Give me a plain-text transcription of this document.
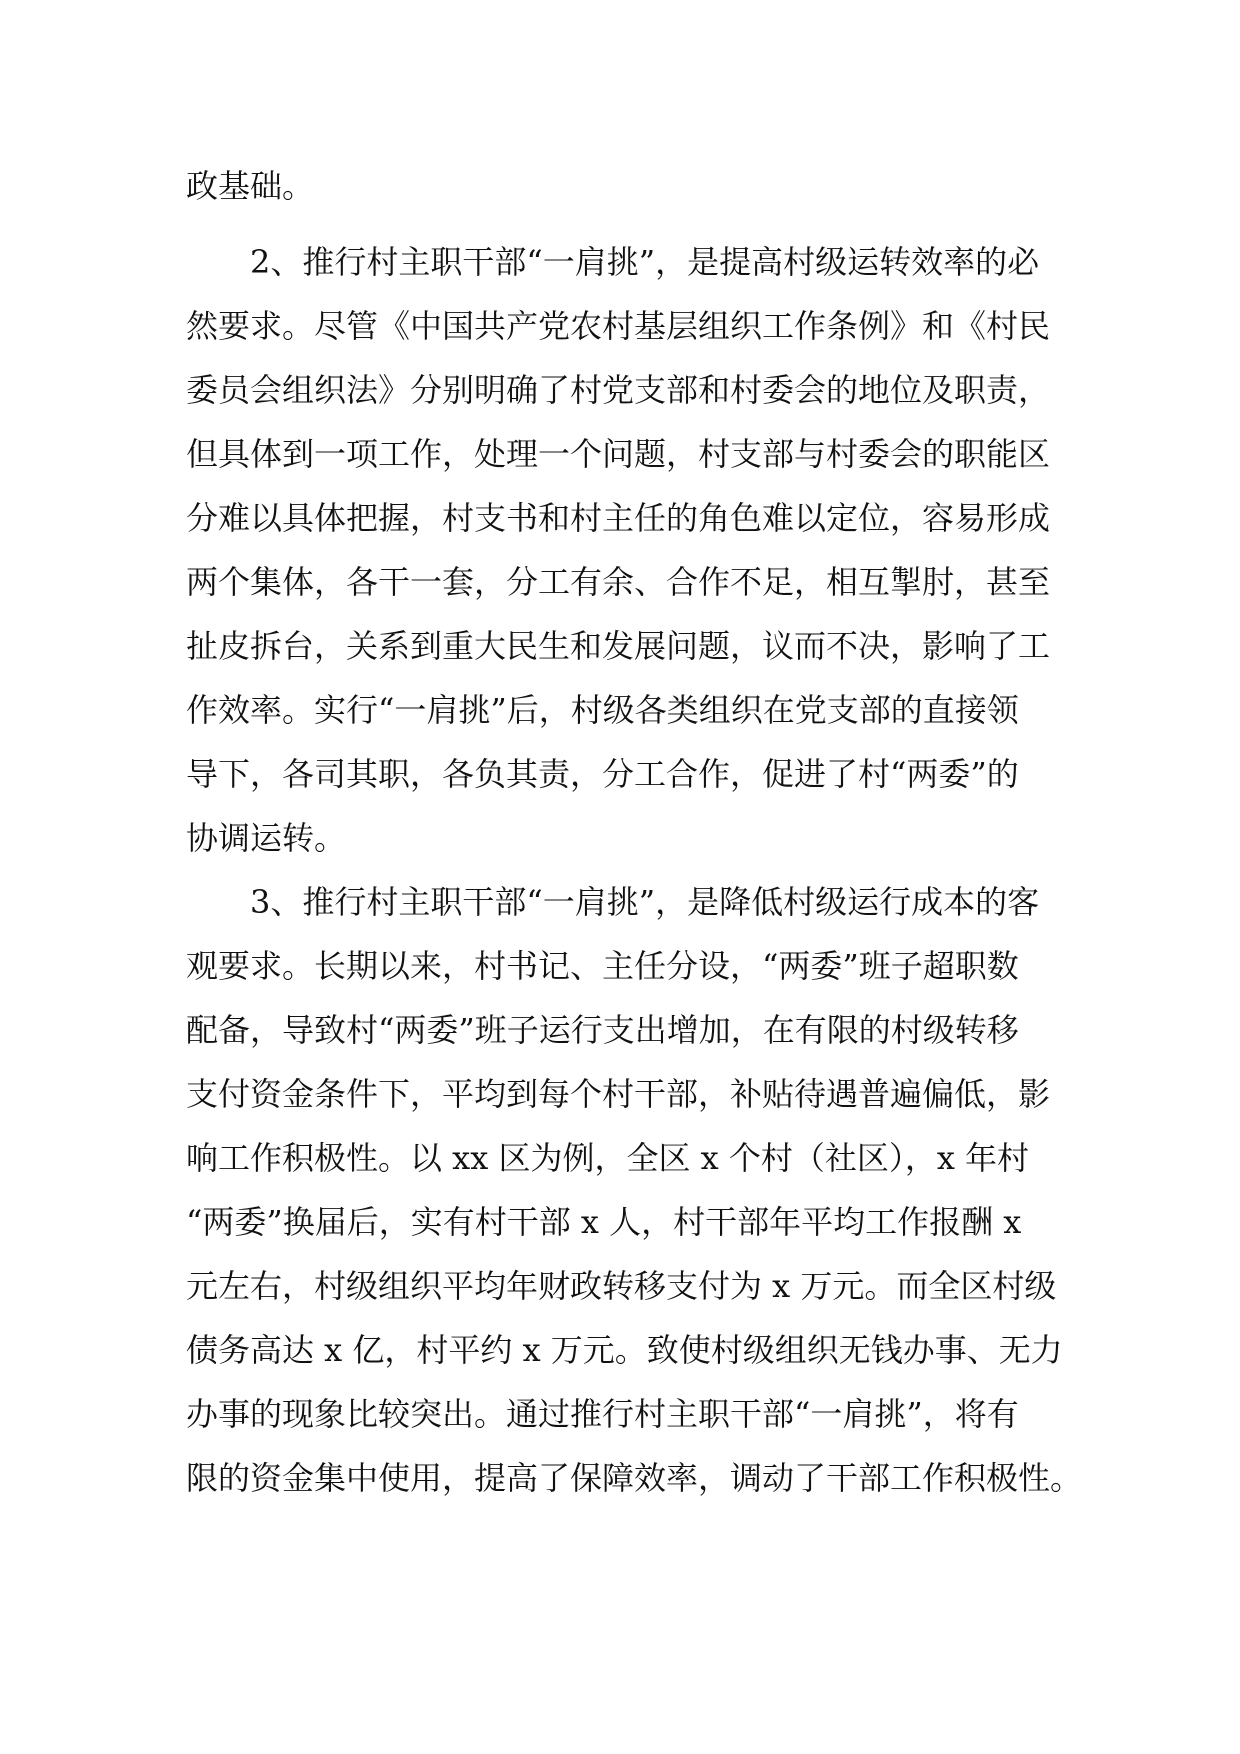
政基础。
2、推行村主职干部“一肩挑”，是提高村级运转效率的必
然要求。尽管《中国共产党农村基层组织工作条例》和《村民
委员会组织法》分别明确了村党支部和村委会的地位及职责，
但具体到一项工作，处理一个问题，村支部与村委会的职能区
分难以具体把握，村支书和村主任的角色难以定位，容易形成
两个集体，各干一套，分工有余、合作不足，相互掣肘，甚至
扯皮拆台，关系到重大民生和发展问题，议而不决，影响了工
作效率。实行“一肩挑”后，村级各类组织在党支部的直接领
导下，各司其职，各负其责，分工合作，促进了村“两委”的
协调运转。
3、推行村主职干部“一肩挑”，是降低村级运行成本的客
观要求。长期以来，村书记、主任分设，“两委”班子超职数
配备，导致村“两委”班子运行支出增加，在有限的村级转移
支付资金条件下，平均到每个村干部，补贴待遇普遍偏低，影
响工作积极性。以 xx 区为例，全区 x 个村（社区），x 年村
“两委”换届后，实有村干部 x 人，村干部年平均工作报酬 x
元左右，村级组织平均年财政转移支付为 x 万元。而全区村级
债务高达 x 亿，村平约 x 万元。致使村级组织无钱办事、无力
办事的现象比较突出。通过推行村主职干部“一肩挑”，将有
限的资金集中使用，提高了保障效率，调动了干部工作积极性。
